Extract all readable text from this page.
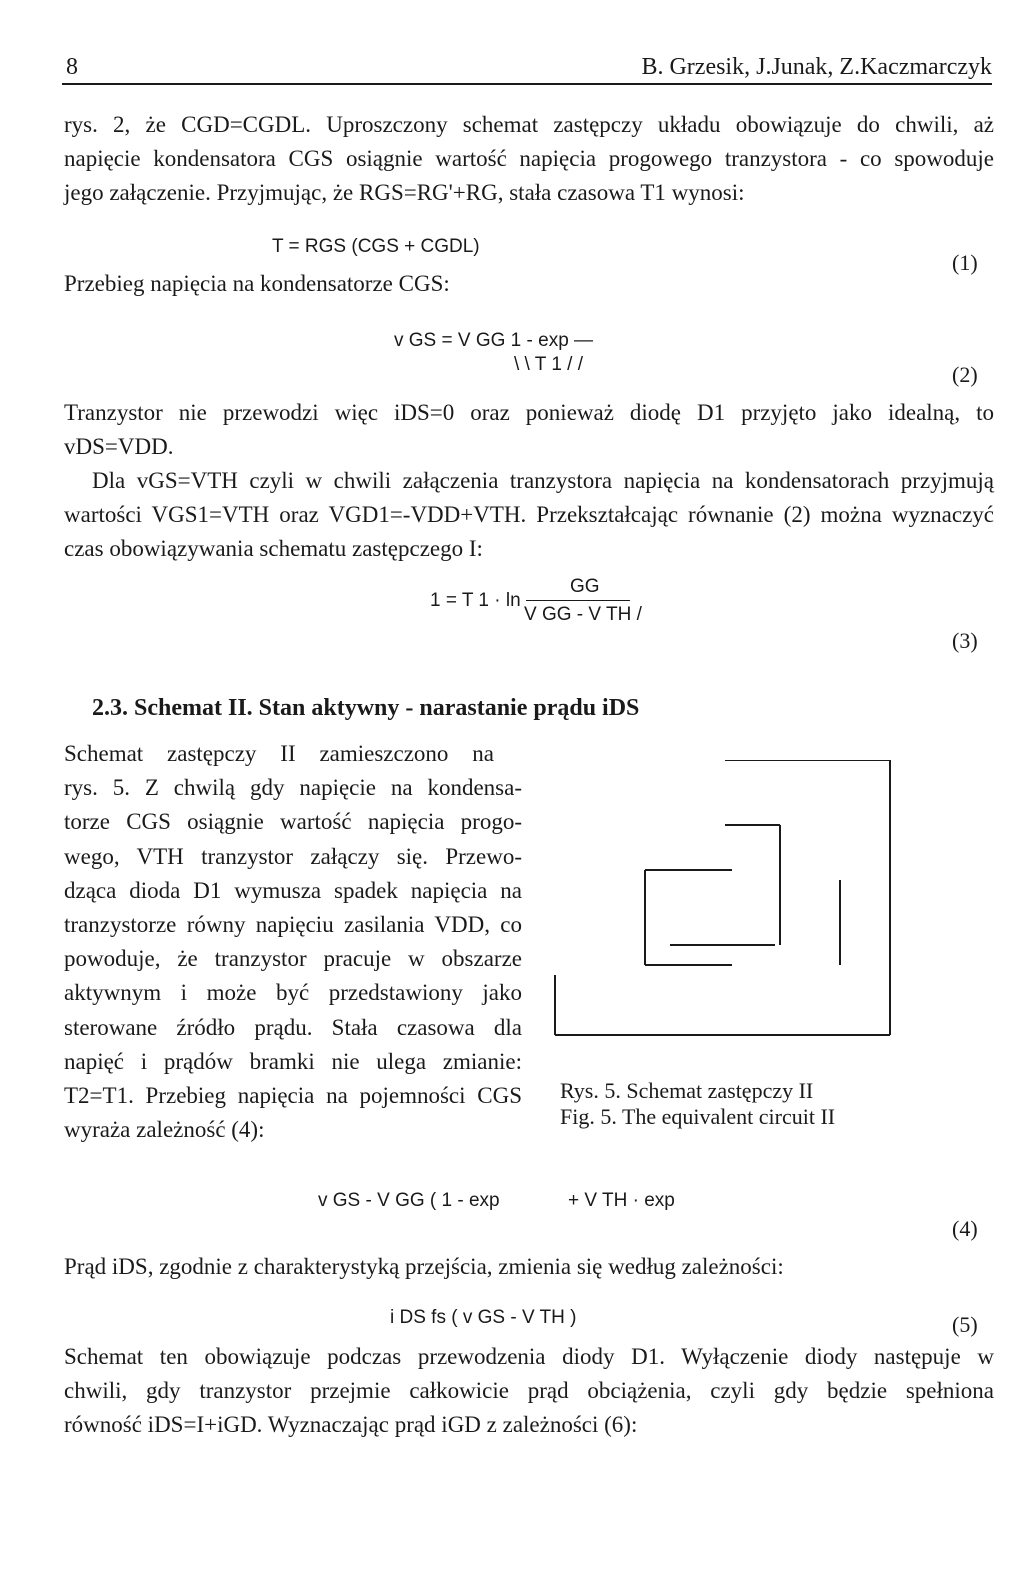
8	B. Grzesik, J.Junak, Z.Kaczmarczyk
rys. 2, że CGD=CGDL. Uproszczony schemat zastępczy układu obowiązuje do chwili, aż
napięcie kondensatora CGS osiągnie wartość napięcia progowego tranzystora - co spowoduje
jego załączenie. Przyjmując, że RGS=RG'+RG, stała czasowa T1 wynosi:
T = RGS (CGS + CGDL)
(1)
Przebieg napięcia na kondensatorze CGS:
v GS = V GG 1 - exp —
\ \ T 1 / /	(2)
Tranzystor nie przewodzi więc iDS=0 oraz ponieważ diodę D1 przyjęto jako idealną, to
vDS=VDD.
Dla vGS=VTH czyli w chwili załączenia tranzystora napięcia na kondensatorach przyjmują
wartości VGS1=VTH oraz VGD1=-VDD+VTH. Przekształcając równanie (2) można wyznaczyć
czas obowiązywania schematu zastępczego I:
1 = T 1 · ln
GG
V GG - V TH /
(3)
2.3. Schemat II. Stan aktywny - narastanie prądu iDS
Schemat zastępczy II zamieszczono na
rys. 5. Z chwilą gdy napięcie na kondensa-
torze CGS osiągnie wartość napięcia progo-
wego, VTH tranzystor załączy się. Przewo-
dząca dioda D1 wymusza spadek napięcia na
tranzystorze równy napięciu zasilania VDD, co
powoduje, że tranzystor pracuje w obszarze
aktywnym i może być przedstawiony jako
sterowane źródło prądu. Stała czasowa dla
napięć i prądów bramki nie ulega zmianie:
T2=T1. Przebieg napięcia na pojemności CGS
wyraża zależność (4):
Rys. 5. Schemat zastępczy II
Fig. 5. The equivalent circuit II
v GS - V GG ( 1 - exp	+ V TH · exp
(4)
Prąd iDS, zgodnie z charakterystyką przejścia, zmienia się według zależności:
i DS fs ( v GS - V TH )	(5)
Schemat ten obowiązuje podczas przewodzenia diody D1. Wyłączenie diody następuje w
chwili, gdy tranzystor przejmie całkowicie prąd obciążenia, czyli gdy będzie spełniona
równość iDS=I+iGD. Wyznaczając prąd iGD z zależności (6):
